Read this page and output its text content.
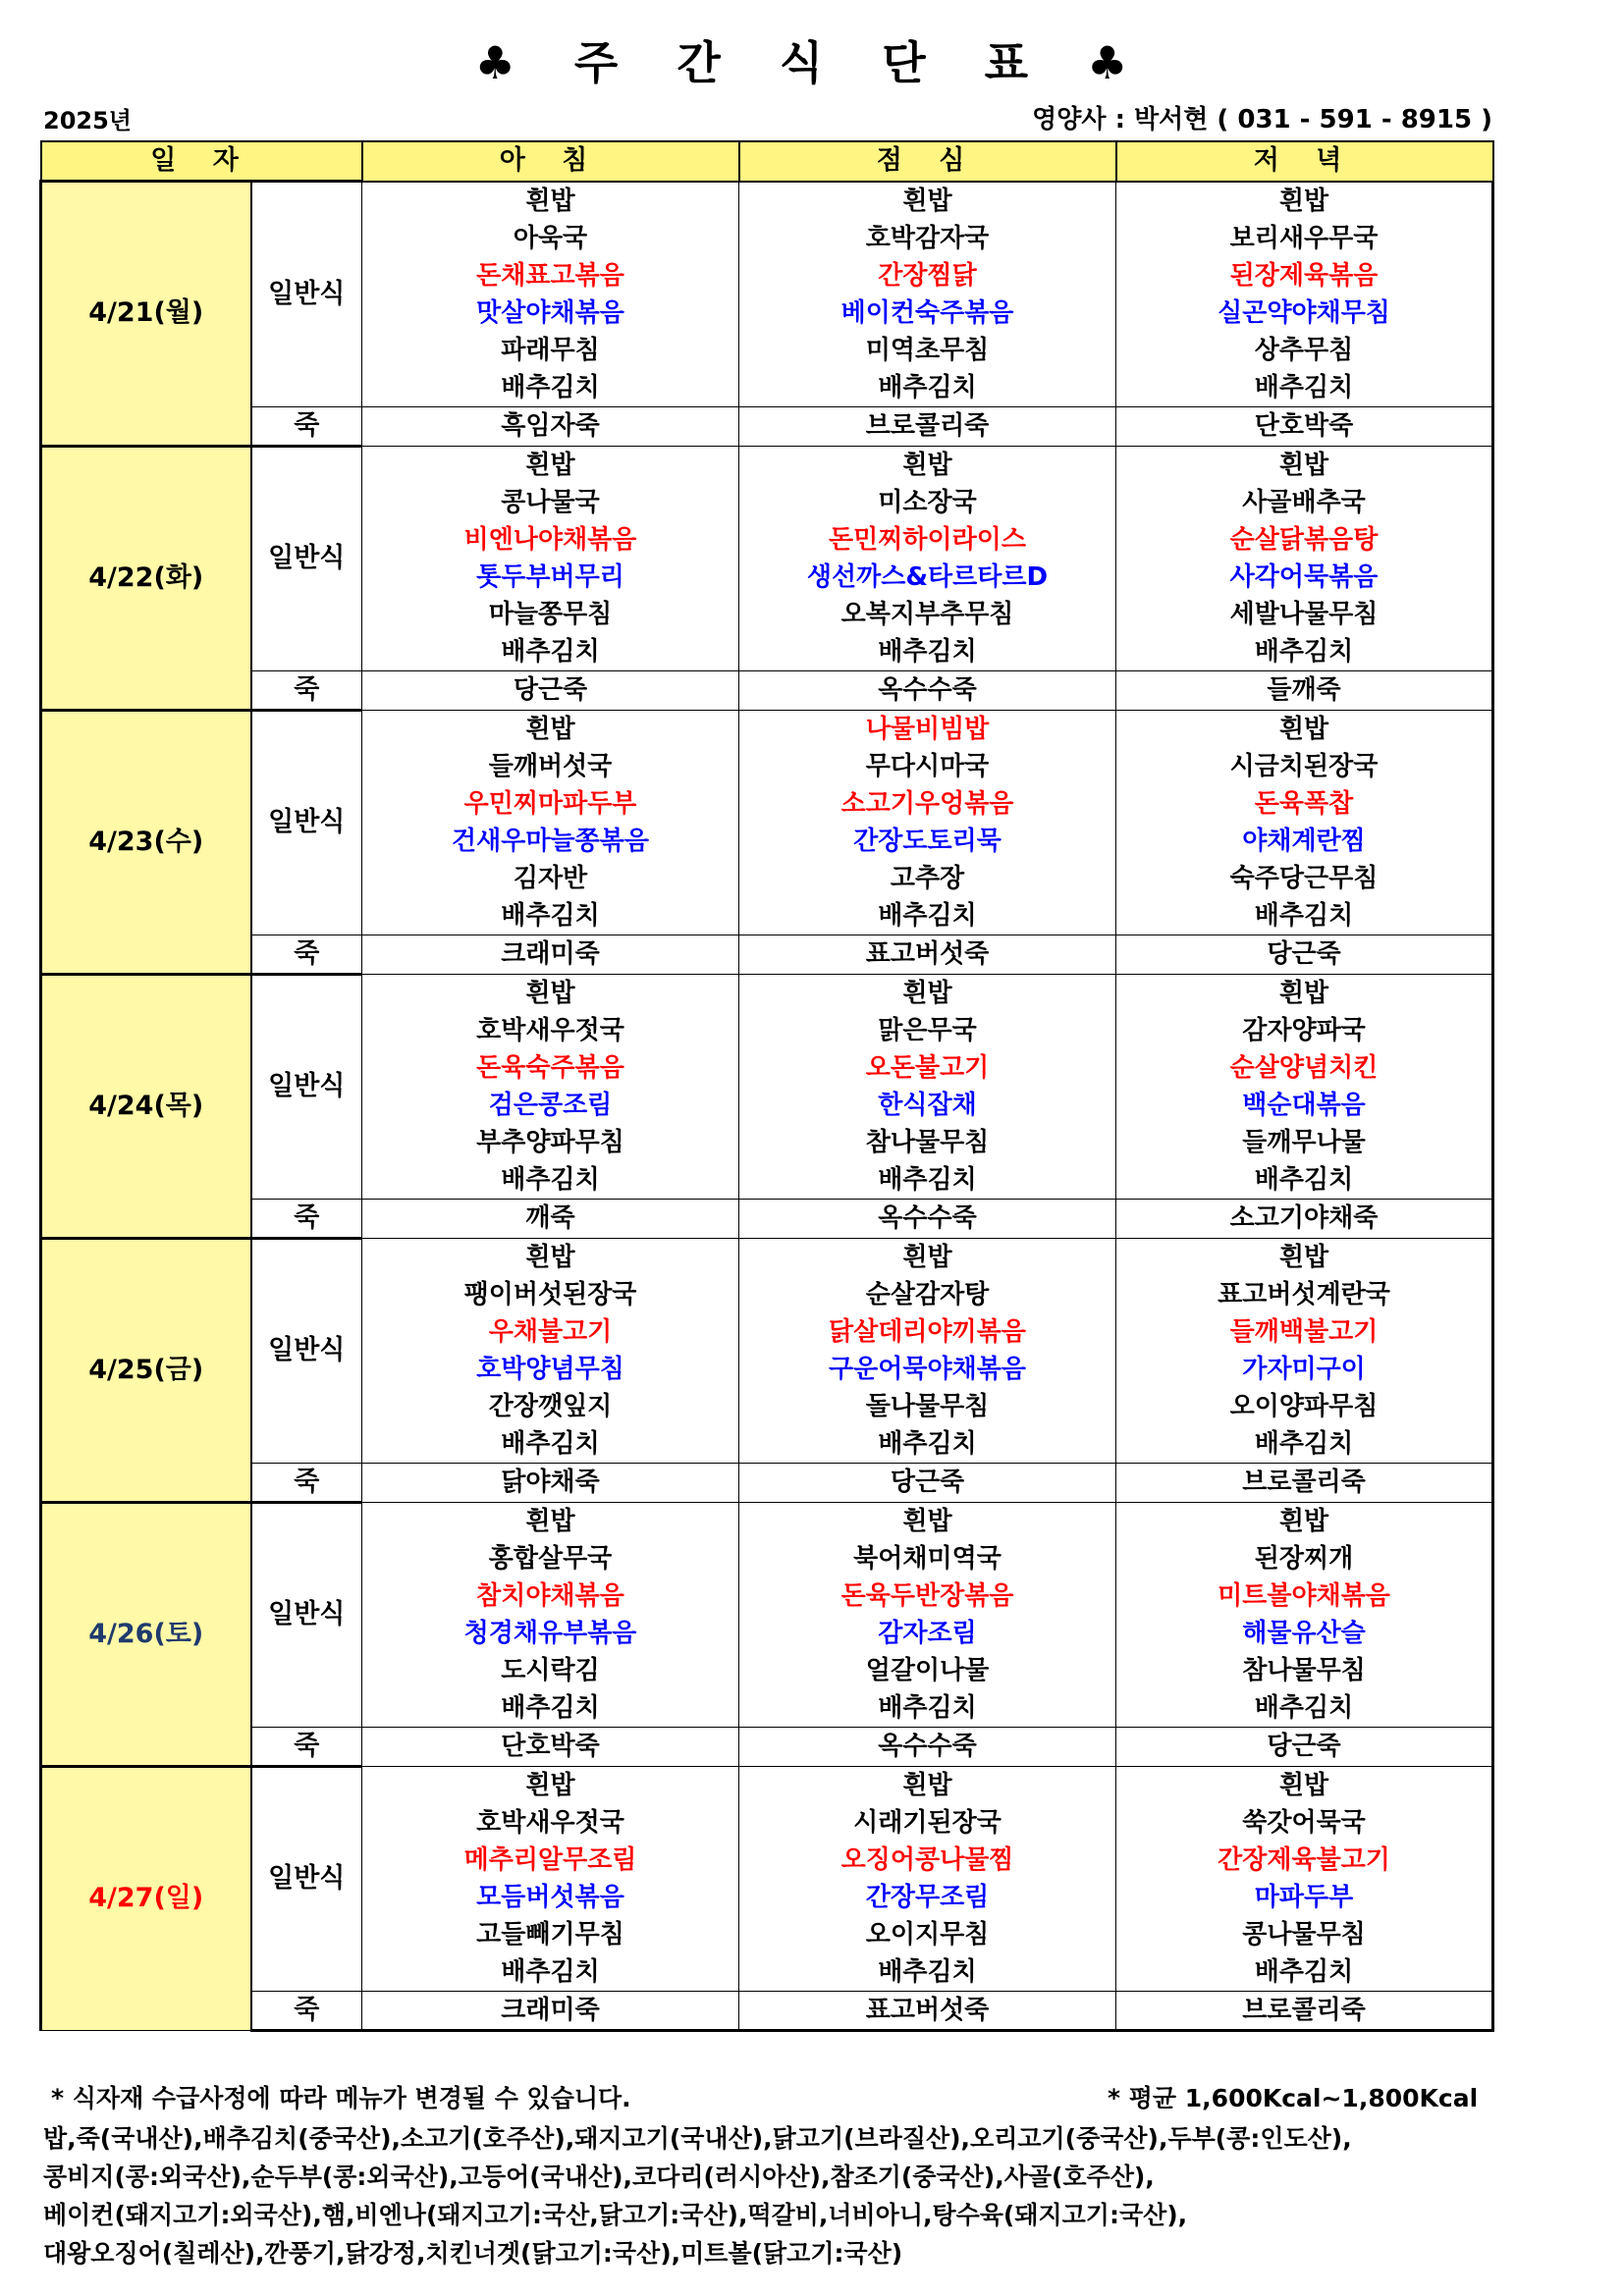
♣ 주 간 식 단 표 ♣
2025년	영양사 : 박서현 ( 031 - 591 - 8915 )
일 자		아 침	점 심	저 녁
4/21(월)	일반식	흰밥	흰밥	흰밥
		아욱국	호박감자국	보리새우무국
		돈채표고볶음	간장찜닭	된장제육볶음
		맛살야채볶음	베이컨숙주볶음	실곤약야채무침
		파래무침	미역초무침	상추무침
		배추김치	배추김치	배추김치
	죽	흑임자죽	브로콜리죽	단호박죽
4/22(화)	일반식	흰밥	흰밥	흰밥
		콩나물국	미소장국	사골배추국
		비엔나야채볶음	돈민찌하이라이스	순살닭볶음탕
		톳두부버무리	생선까스&타르타르D	사각어묵볶음
		마늘쫑무침	오복지부추무침	세발나물무침
		배추김치	배추김치	배추김치
	죽	당근죽	옥수수죽	들깨죽
4/23(수)	일반식	흰밥	나물비빔밥	흰밥
		들깨버섯국	무다시마국	시금치된장국
		우민찌마파두부	소고기우엉볶음	돈육폭찹
		건새우마늘쫑볶음	간장도토리묵	야채계란찜
		김자반	고추장	숙주당근무침
		배추김치	배추김치	배추김치
	죽	크래미죽	표고버섯죽	당근죽
4/24(목)	일반식	흰밥	흰밥	흰밥
		호박새우젓국	맑은무국	감자양파국
		돈육숙주볶음	오돈불고기	순살양념치킨
		검은콩조림	한식잡채	백순대볶음
		부추양파무침	참나물무침	들깨무나물
		배추김치	배추김치	배추김치
	죽	깨죽	옥수수죽	소고기야채죽
4/25(금)	일반식	흰밥	흰밥	흰밥
		팽이버섯된장국	순살감자탕	표고버섯계란국
		우채불고기	닭살데리야끼볶음	들깨백불고기
		호박양념무침	구운어묵야채볶음	가자미구이
		간장깻잎지	돌나물무침	오이양파무침
		배추김치	배추김치	배추김치
	죽	닭야채죽	당근죽	브로콜리죽
4/26(토)	일반식	흰밥	흰밥	흰밥
		홍합살무국	북어채미역국	된장찌개
		참치야채볶음	돈육두반장볶음	미트볼야채볶음
		청경채유부볶음	감자조림	해물유산슬
		도시락김	얼갈이나물	참나물무침
		배추김치	배추김치	배추김치
	죽	단호박죽	옥수수죽	당근죽
4/27(일)	일반식	흰밥	흰밥	흰밥
		호박새우젓국	시래기된장국	쑥갓어묵국
		메추리알무조림	오징어콩나물찜	간장제육불고기
		모듬버섯볶음	간장무조림	마파두부
		고들빼기무침	오이지무침	콩나물무침
		배추김치	배추김치	배추김치
	죽	크래미죽	표고버섯죽	브로콜리죽
* 식자재 수급사정에 따라 메뉴가 변경될 수 있습니다.	* 평균 1,600Kcal~1,800Kcal
밥,죽(국내산),배추김치(중국산),소고기(호주산),돼지고기(국내산),닭고기(브라질산),오리고기(중국산),두부(콩:인도산),
콩비지(콩:외국산),순두부(콩:외국산),고등어(국내산),코다리(러시아산),참조기(중국산),사골(호주산),
베이컨(돼지고기:외국산),햄,비엔나(돼지고기:국산,닭고기:국산),떡갈비,너비아니,탕수육(돼지고기:국산),
대왕오징어(칠레산),깐풍기,닭강정,치킨너겟(닭고기:국산),미트볼(닭고기:국산)
